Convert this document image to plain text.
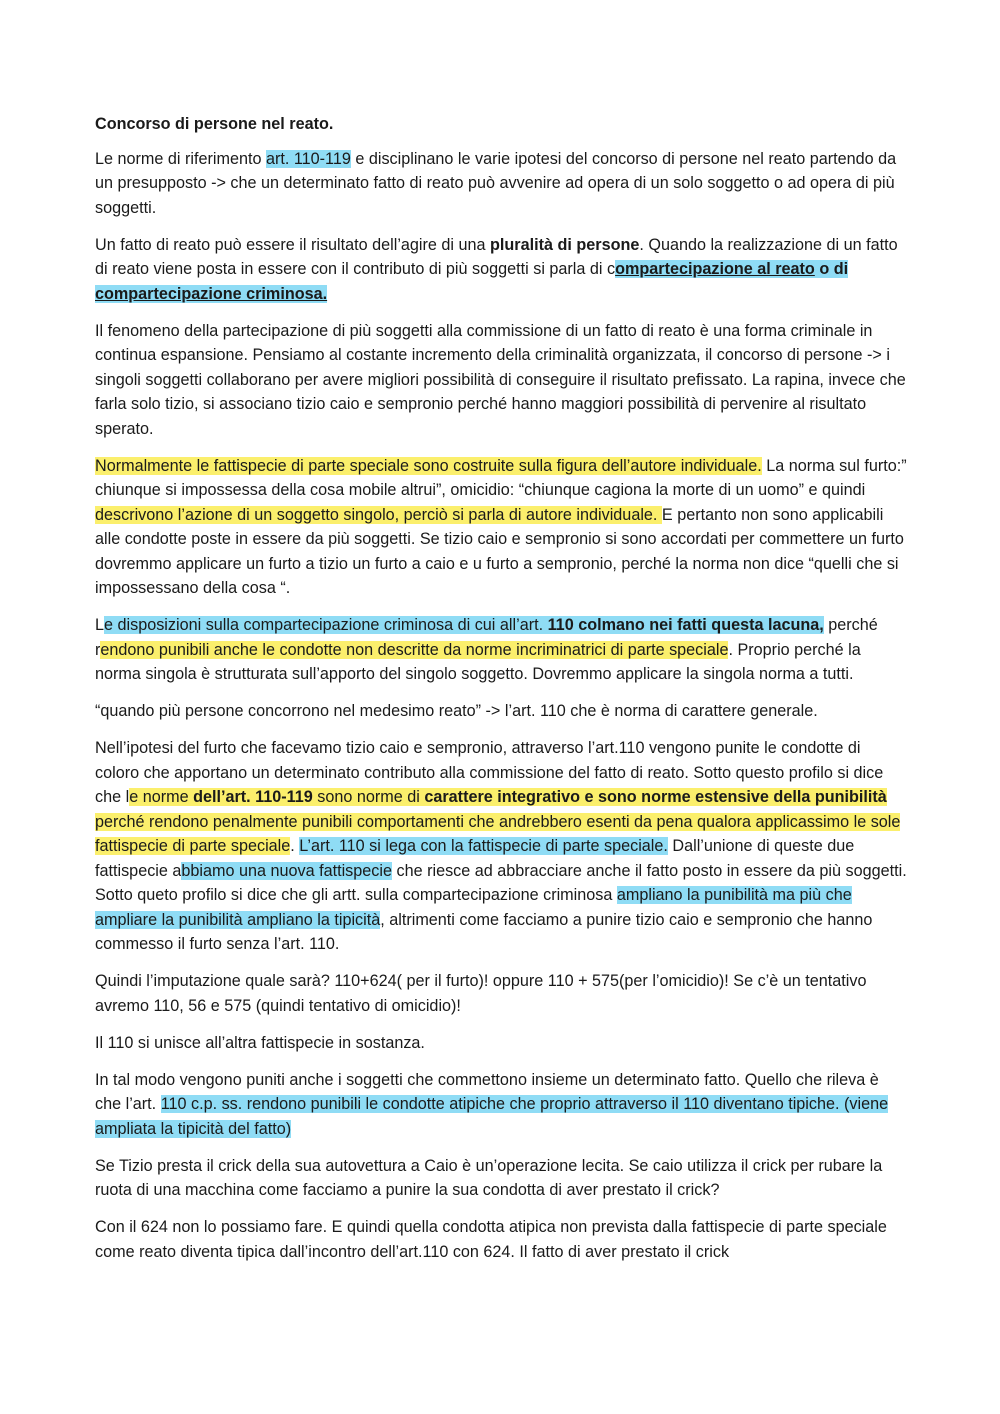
Concorso di persone nel reato.

Le norme di riferimento art. 110-119 e disciplinano le varie ipotesi del concorso di persone nel reato partendo da un presupposto -> che un determinato fatto di reato può avvenire ad opera di un solo soggetto o ad opera di più soggetti.

Un fatto di reato può essere il risultato dell’agire di una pluralità di persone. Quando la realizzazione di un fatto di reato viene posta in essere con il contributo di più soggetti si parla di compartecipazione al reato o di compartecipazione criminosa.

Il fenomeno della partecipazione di più soggetti alla commissione di un fatto di reato è una forma criminale in continua espansione. Pensiamo al costante incremento della criminalità organizzata, il concorso di persone -> i singoli soggetti collaborano per avere migliori possibilità di conseguire il risultato prefissato. La rapina, invece che farla solo tizio, si associano tizio caio e sempronio perché hanno maggiori possibilità di pervenire al risultato sperato.

Normalmente le fattispecie di parte speciale sono costruite sulla figura dell’autore individuale. La norma sul furto:” chiunque si impossessa della cosa mobile altrui”, omicidio: “chiunque cagiona la morte di un uomo” e quindi descrivono l’azione di un soggetto singolo, perciò si parla di autore individuale. E pertanto non sono applicabili alle condotte poste in essere da più soggetti. Se tizio caio e sempronio si sono accordati per commettere un furto dovremmo applicare un furto a tizio un furto a caio e u furto a sempronio, perché la norma non dice “quelli che si impossessano della cosa “.

Le disposizioni sulla compartecipazione criminosa di cui all’art. 110 colmano nei fatti questa lacuna, perché rendono punibili anche le condotte non descritte da norme incriminatrici di parte speciale. Proprio perché la norma singola è strutturata sull’apporto del singolo soggetto. Dovremmo applicare la singola norma a tutti.

“quando più persone concorrono nel medesimo reato” -> l’art. 110 che è norma di carattere generale.

Nell’ipotesi del furto che facevamo tizio caio e sempronio, attraverso l’art.110 vengono punite le condotte di coloro che apportano un determinato contributo alla commissione del fatto di reato. Sotto questo profilo si dice che le norme dell’art. 110-119 sono norme di carattere integrativo e sono norme estensive della punibilità perché rendono penalmente punibili comportamenti che andrebbero esenti da pena qualora applicassimo le sole fattispecie di parte speciale. L’art. 110 si lega con la fattispecie di parte speciale. Dall’unione di queste due fattispecie abbiamo una nuova fattispecie che riesce ad abbracciare anche il fatto posto in essere da più soggetti. Sotto queto profilo si dice che gli artt. sulla compartecipazione criminosa ampliano la punibilità ma più che ampliare la punibilità ampliano la tipicità, altrimenti come facciamo a punire tizio caio e sempronio che hanno commesso il furto senza l’art. 110.

Quindi l’imputazione quale sarà? 110+624( per il furto)! oppure 110 + 575(per l’omicidio)! Se c’è un tentativo avremo 110, 56 e 575 (quindi tentativo di omicidio)!

Il 110 si unisce all’altra fattispecie in sostanza.

In tal modo vengono puniti anche i soggetti che commettono insieme un determinato fatto. Quello che rileva è che l’art. 110 c.p. ss. rendono punibili le condotte atipiche che proprio attraverso il 110 diventano tipiche. (viene ampliata la tipicità del fatto)

Se Tizio presta il crick della sua autovettura a Caio è un’operazione lecita. Se caio utilizza il crick per rubare la ruota di una macchina come facciamo a punire la sua condotta di aver prestato il crick?

Con il 624 non lo possiamo fare. E quindi quella condotta atipica non prevista dalla fattispecie di parte speciale come reato diventa tipica dall’incontro dell’art.110 con 624. Il fatto di aver prestato il crick
